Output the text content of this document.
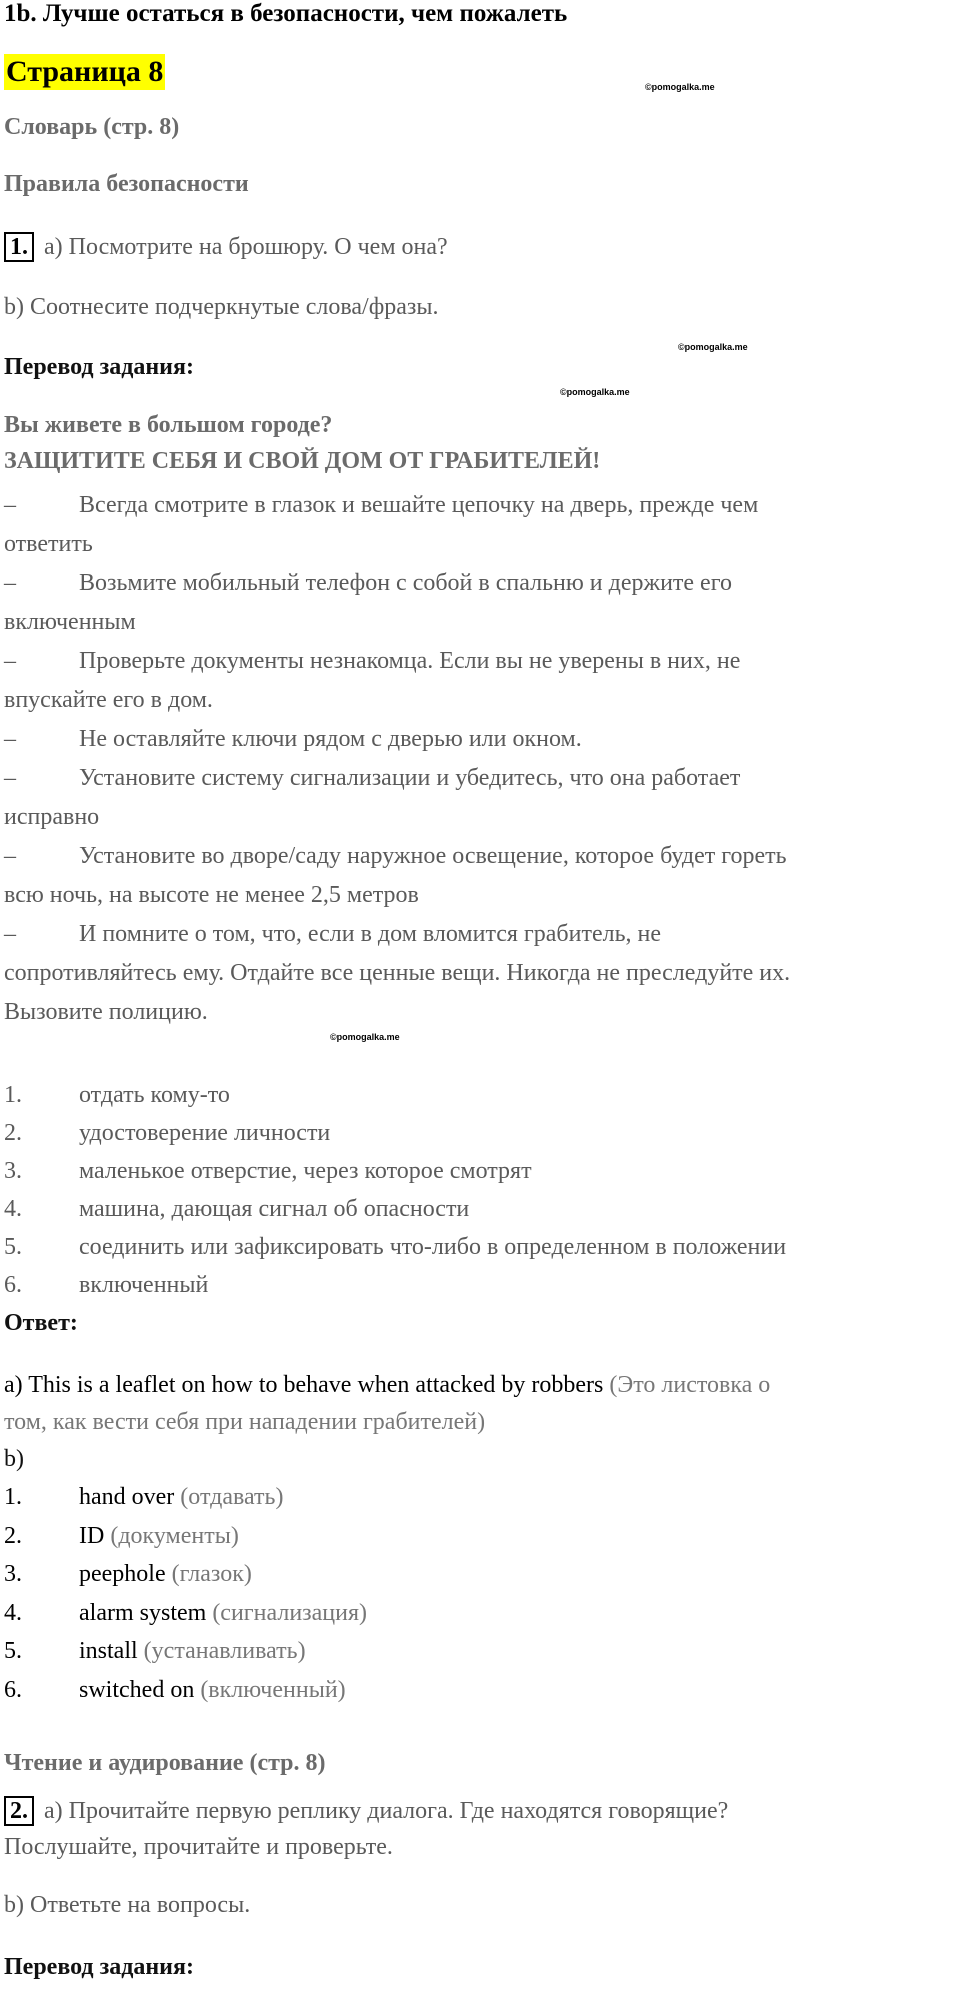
1b. Лучше остаться в безопасности, чем пожалеть

Страница 8	©pomogalka.me

Словарь (стр. 8)

Правила безопасности

1. a) Посмотрите на брошюру. О чем она?

b) Соотнесите подчеркнутые слова/фразы.

©pomogalka.me

Перевод задания:

©pomogalka.me

Вы живете в большом городе?

ЗАЩИТИТЕ СЕБЯ И СВОЙ ДОМ ОТ ГРАБИТЕЛЕЙ!

–	Всегда смотрите в глазок и вешайте цепочку на дверь, прежде чем
ответить
–	Возьмите мобильный телефон с собой в спальню и держите его
включенным
–	Проверьте документы незнакомца. Если вы не уверены в них, не
впускайте его в дом.
–	Не оставляйте ключи рядом с дверью или окном.
–	Установите систему сигнализации и убедитесь, что она работает
исправно
–	Установите во дворе/саду наружное освещение, которое будет гореть
всю ночь, на высоте не менее 2,5 метров
–	И помните о том, что, если в дом вломится грабитель, не
сопротивляйтесь ему. Отдайте все ценные вещи. Никогда не преследуйте их.
Вызовите полицию.
©pomogalka.me
1. отдать кому-то
2. удостоверение личности
3. маленькое отверстие, через которое смотрят
4. машина, дающая сигнал об опасности
5. соединить или зафиксировать что-либо в определенном в положении
6. включенный

Ответ:

a) This is a leaflet on how to behave when attacked by robbers (Это листовка о

том, как вести себя при нападении грабителей)

b)

1. hand over (отдавать)
2. ID (документы)
3. peephole (глазок)
4. alarm system (сигнализация)
5. install (устанавливать)
6. switched on (включенный)

Чтение и аудирование (стр. 8)

2. a) Прочитайте первую реплику диалога. Где находятся говорящие?

Послушайте, прочитайте и проверьте.

b) Ответьте на вопросы.

Перевод задания:
